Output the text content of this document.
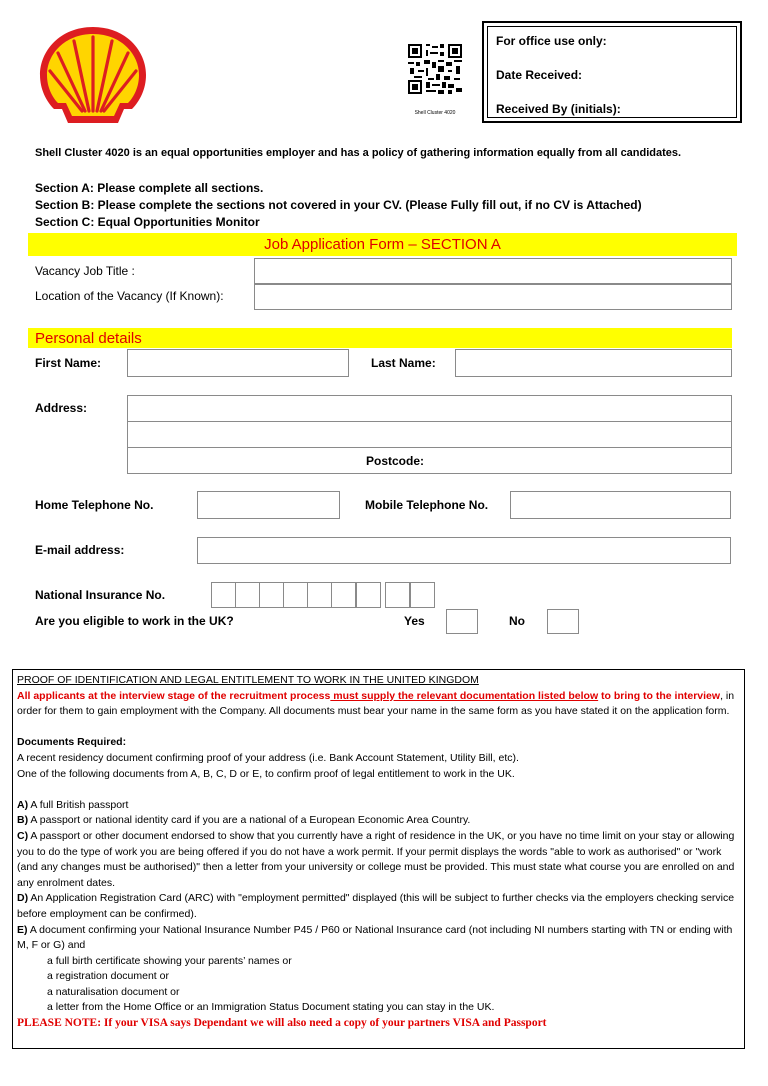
Shell Cluster 4020
For office use only:
Date Received:
Received By (initials):
Shell Cluster 4020 is an equal opportunities employer and has a policy of gathering information equally from all candidates.
Section A: Please complete all sections.
Section B: Please complete the sections not covered in your CV. (Please Fully fill out, if no CV is Attached)
Section C: Equal Opportunities Monitor
Job Application Form – SECTION A
Vacancy Job Title :
Location of the Vacancy (If Known):
Personal details
First Name:	Last Name:
Address:
Postcode:
Home Telephone No.	Mobile Telephone No.
E-mail address:
National Insurance No.
Are you eligible to work in the UK?	Yes	No

PROOF OF IDENTIFICATION AND LEGAL ENTITLEMENT TO WORK IN THE UNITED KINGDOM

All applicants at the interview stage of the recruitment process must supply the relevant documentation listed below to bring to the interview, in order for them to gain employment with the Company. All documents must bear your name in the same form as you have stated it on the application form.

Documents Required:

A recent residency document confirming proof of your address (i.e. Bank Account Statement, Utility Bill, etc).

One of the following documents from A, B, C, D or E, to confirm proof of legal entitlement to work in the UK.

A) A full British passport

B) A passport or national identity card if you are a national of a European Economic Area Country.

C) A passport or other document endorsed to show that you currently have a right of residence in the UK, or you have no time limit on your stay or allowing you to do the type of work you are being offered if you do not have a work permit. If your permit displays the words "able to work as authorised" or "work (and any changes must be authorised)" then a letter from your university or college must be provided. This must state what course you are enrolled on and any enrolment dates.

D) An Application Registration Card (ARC) with "employment permitted" displayed (this will be subject to further checks via the employers checking service before employment can be confirmed).

E) A document confirming your National Insurance Number P45 / P60 or National Insurance card (not including NI numbers starting with TN or ending with M, F or G) and

a full birth certificate showing your parents’ names or

a registration document or

a naturalisation document or

a letter from the Home Office or an Immigration Status Document stating you can stay in the UK.

PLEASE NOTE: If your VISA says Dependant we will also need a copy of your partners VISA and Passport
